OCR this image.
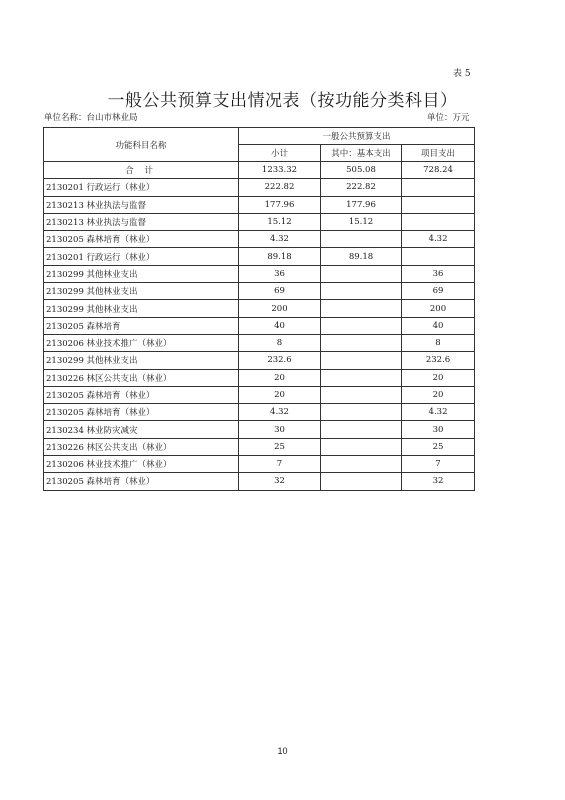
表 5
一般公共预算支出情况表（按功能分类科目）
单位名称：台山市林业局	单位：万元
功能科目名称	一般公共预算支出		
	小计	其中：基本支出	项目支出
合 计	1233.32	505.08	728.24
2130201 行政运行（林业）	222.82	222.82	
2130213 林业执法与监督	177.96	177.96	
2130213 林业执法与监督	15.12	15.12	
2130205 森林培育（林业）	4.32		4.32
2130201 行政运行（林业）	89.18	89.18	
2130299 其他林业支出	36		36
2130299 其他林业支出	69		69
2130299 其他林业支出	200		200
2130205 森林培育	40		40
2130206 林业技术推广（林业）	8		8
2130299 其他林业支出	232.6		232.6
2130226 林区公共支出（林业）	20		20
2130205 森林培育（林业）	20		20
2130205 森林培育（林业）	4.32		4.32
2130234 林业防灾减灾	30		30
2130226 林区公共支出（林业）	25		25
2130206 林业技术推广（林业）	7		7
2130205 森林培育（林业）	32		32
10
